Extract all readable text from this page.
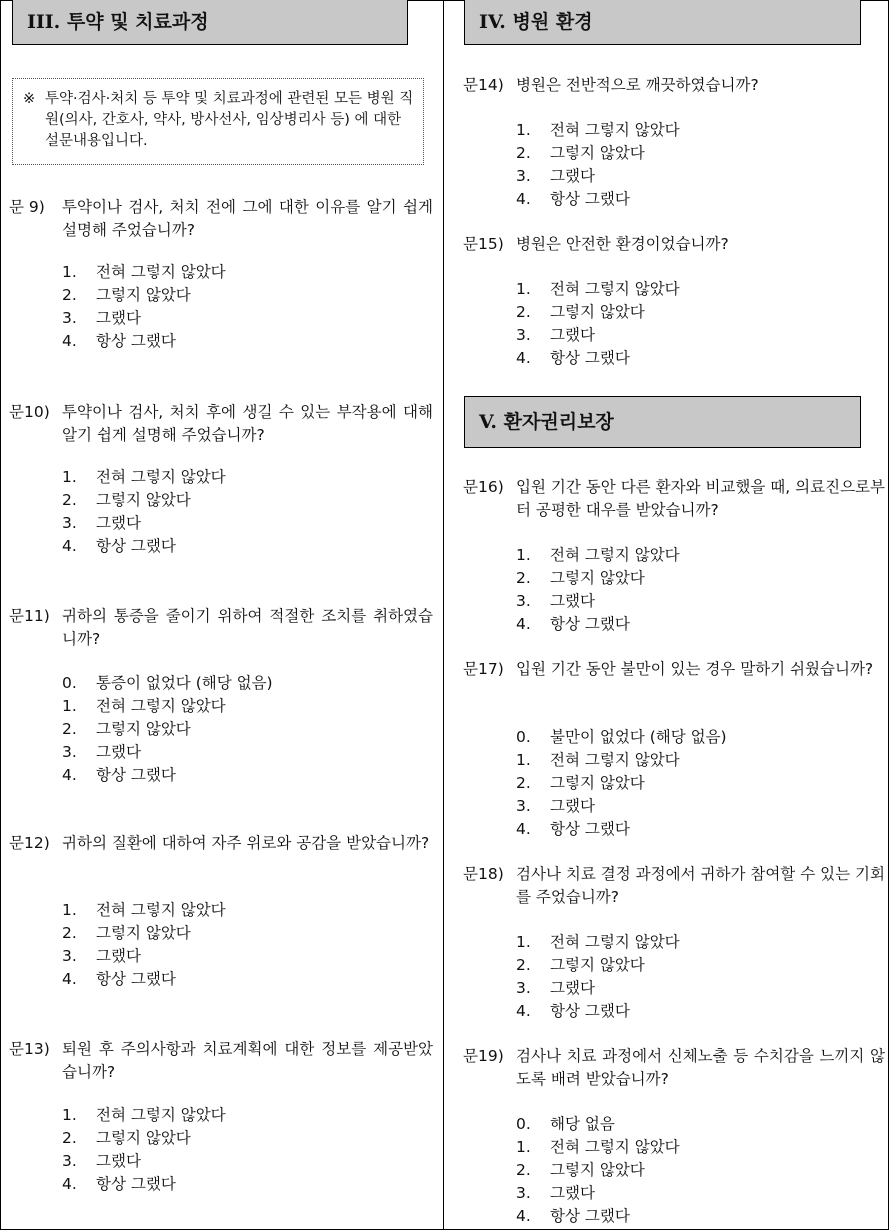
III. 투약 및 치료과정
※ 투약·검사·처치 등 투약 및 치료과정에 관련된 모든 병원 직원(의사, 간호사, 약사, 방사선사, 임상병리사 등) 에 대한 설문내용입니다.
문 9) 투약이나 검사, 처치 전에 그에 대한 이유를 알기 쉽게 설명해 주었습니까?
1. 전혀 그렇지 않았다
2. 그렇지 않았다
3. 그랬다
4. 항상 그랬다
문10) 투약이나 검사, 처치 후에 생길 수 있는 부작용에 대해 알기 쉽게 설명해 주었습니까?
1. 전혀 그렇지 않았다
2. 그렇지 않았다
3. 그랬다
4. 항상 그랬다
문11) 귀하의 통증을 줄이기 위하여 적절한 조치를 취하였습니까?
0. 통증이 없었다 (해당 없음)
1. 전혀 그렇지 않았다
2. 그렇지 않았다
3. 그랬다
4. 항상 그랬다
문12) 귀하의 질환에 대하여 자주 위로와 공감을 받았습니까?
1. 전혀 그렇지 않았다
2. 그렇지 않았다
3. 그랬다
4. 항상 그랬다
문13) 퇴원 후 주의사항과 치료계획에 대한 정보를 제공받았습니까?
1. 전혀 그렇지 않았다
2. 그렇지 않았다
3. 그랬다
4. 항상 그랬다
IV. 병원 환경
문14) 병원은 전반적으로 깨끗하였습니까?
1. 전혀 그렇지 않았다
2. 그렇지 않았다
3. 그랬다
4. 항상 그랬다
문15) 병원은 안전한 환경이었습니까?
1. 전혀 그렇지 않았다
2. 그렇지 않았다
3. 그랬다
4. 항상 그랬다
V. 환자권리보장
문16) 입원 기간 동안 다른 환자와 비교했을 때, 의료진으로부터 공평한 대우를 받았습니까?
1. 전혀 그렇지 않았다
2. 그렇지 않았다
3. 그랬다
4. 항상 그랬다
문17) 입원 기간 동안 불만이 있는 경우 말하기 쉬웠습니까?
0. 불만이 없었다 (해당 없음)
1. 전혀 그렇지 않았다
2. 그렇지 않았다
3. 그랬다
4. 항상 그랬다
문18) 검사나 치료 결정 과정에서 귀하가 참여할 수 있는 기회를 주었습니까?
1. 전혀 그렇지 않았다
2. 그렇지 않았다
3. 그랬다
4. 항상 그랬다
문19) 검사나 치료 과정에서 신체노출 등 수치감을 느끼지 않도록 배려 받았습니까?
0. 해당 없음
1. 전혀 그렇지 않았다
2. 그렇지 않았다
3. 그랬다
4. 항상 그랬다
